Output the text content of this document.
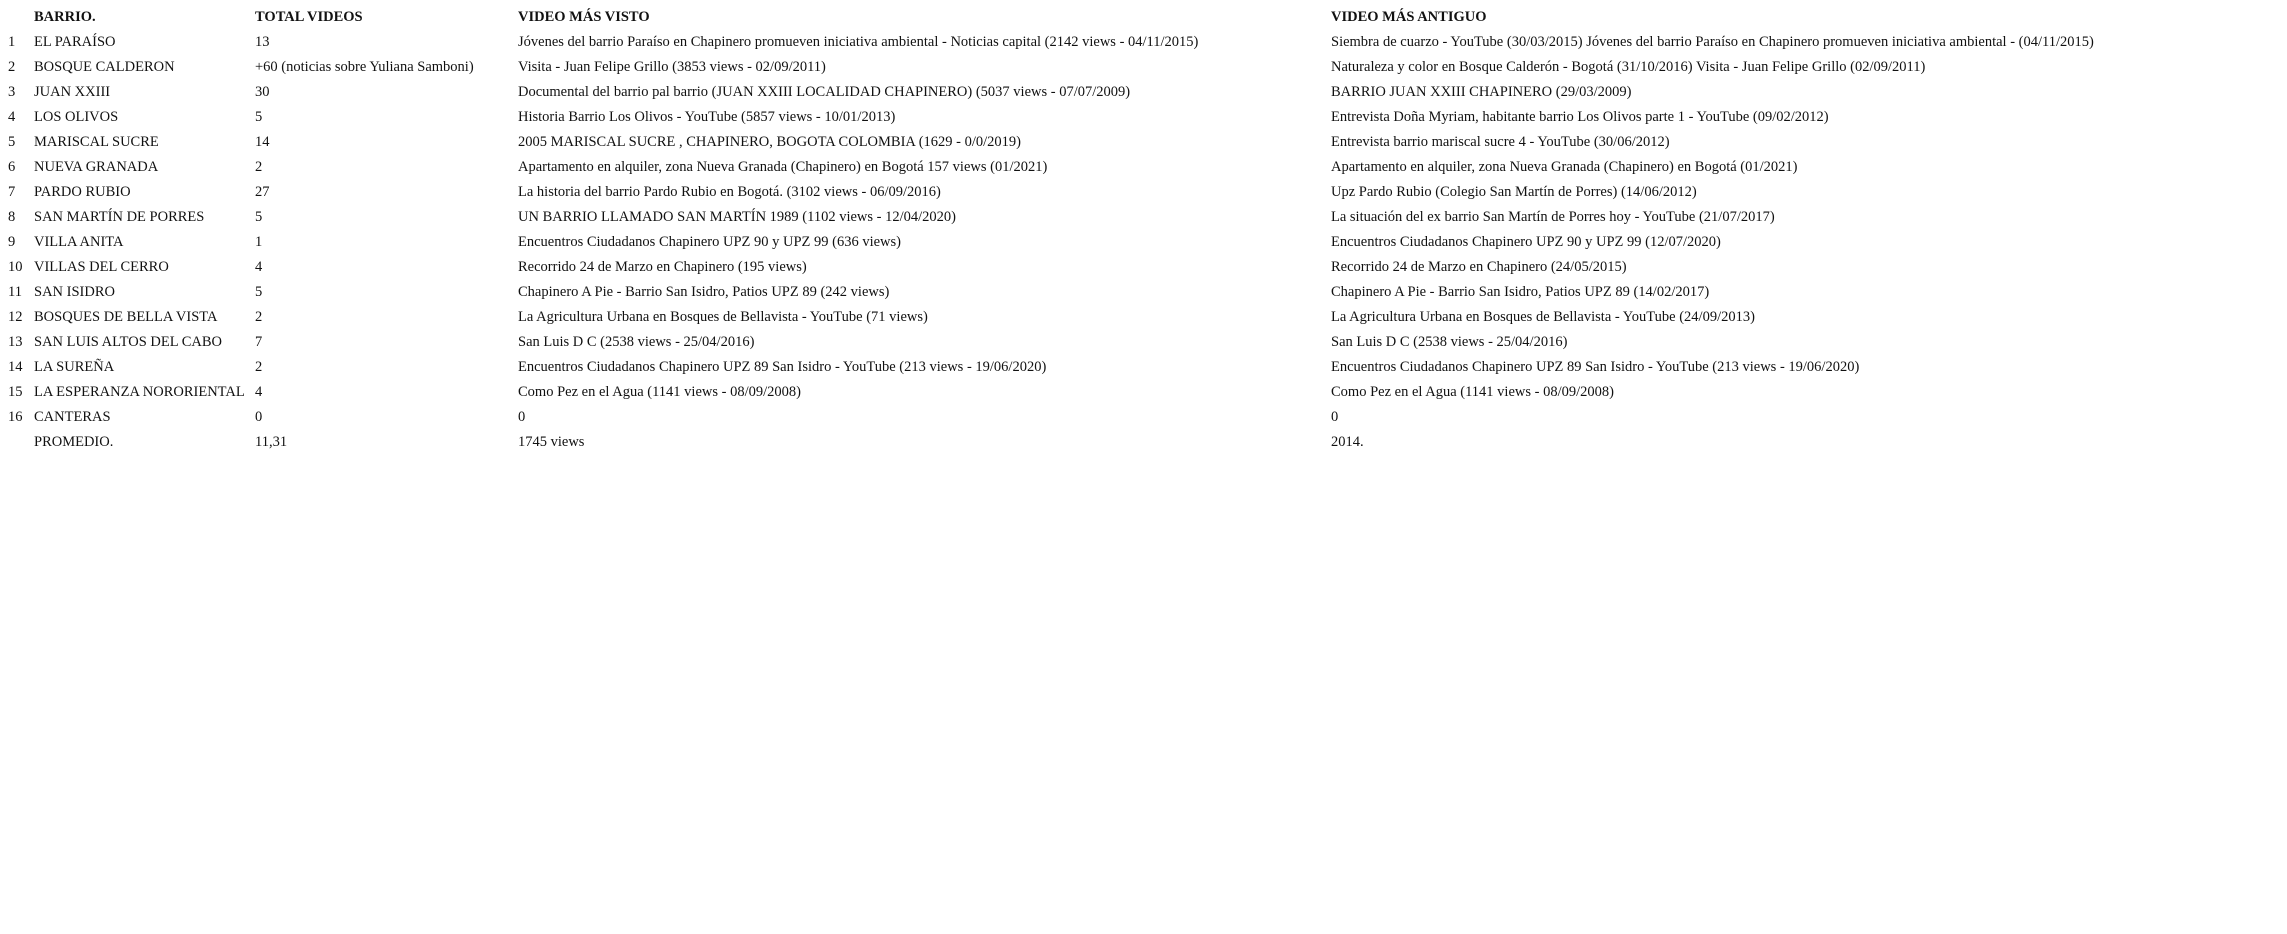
BARRIO.	TOTAL VIDEOS	VIDEO MÁS VISTO	VIDEO MÁS ANTIGUO
1 EL PARAÍSO	13	Jóvenes del barrio Paraíso en Chapinero promueven iniciativa ambiental - Noticias capital (2142 views - 04/11/2015)	Siembra de cuarzo - YouTube (30/03/2015) Jóvenes del barrio Paraíso en Chapinero promueven iniciativa ambiental - (04/11/2015)
2 BOSQUE CALDERON	+60 (noticias sobre Yuliana Samboni)	Visita - Juan Felipe Grillo (3853 views - 02/09/2011)	Naturaleza y color en Bosque Calderón - Bogotá (31/10/2016) Visita - Juan Felipe Grillo (02/09/2011)
3 JUAN XXIII	30	Documental del barrio pal barrio (JUAN XXIII LOCALIDAD CHAPINERO) (5037 views - 07/07/2009)	BARRIO JUAN XXIII CHAPINERO (29/03/2009)
4 LOS OLIVOS	5	Historia Barrio Los Olivos - YouTube (5857 views - 10/01/2013)	Entrevista Doña Myriam, habitante barrio Los Olivos parte 1 - YouTube (09/02/2012)
5 MARISCAL SUCRE	14	2005 MARISCAL SUCRE , CHAPINERO, BOGOTA COLOMBIA (1629 - 0/0/2019)	Entrevista barrio mariscal sucre 4 - YouTube (30/06/2012)
6 NUEVA GRANADA	2	Apartamento en alquiler, zona Nueva Granada (Chapinero) en Bogotá 157 views (01/2021)	Apartamento en alquiler, zona Nueva Granada (Chapinero) en Bogotá (01/2021)
7 PARDO RUBIO	27	La historia del barrio Pardo Rubio en Bogotá. (3102 views - 06/09/2016)	Upz Pardo Rubio (Colegio San Martín de Porres) (14/06/2012)
8 SAN MARTÍN DE PORRES	5	UN BARRIO LLAMADO SAN MARTÍN 1989 (1102 views - 12/04/2020)	La situación del ex barrio San Martín de Porres hoy - YouTube (21/07/2017)
9 VILLA ANITA	1	Encuentros Ciudadanos Chapinero UPZ 90 y UPZ 99 (636 views)	Encuentros Ciudadanos Chapinero UPZ 90 y UPZ 99 (12/07/2020)
10 VILLAS DEL CERRO	4	Recorrido 24 de Marzo en Chapinero (195 views)	Recorrido 24 de Marzo en Chapinero (24/05/2015)
11 SAN ISIDRO	5	Chapinero A Pie - Barrio San Isidro, Patios UPZ 89 (242 views)	Chapinero A Pie - Barrio San Isidro, Patios UPZ 89 (14/02/2017)
12 BOSQUES DE BELLA VISTA	2	La Agricultura Urbana en Bosques de Bellavista - YouTube (71 views)	La Agricultura Urbana en Bosques de Bellavista - YouTube (24/09/2013)
13 SAN LUIS ALTOS DEL CABO 7	San Luis D C (2538 views - 25/04/2016)	San Luis D C (2538 views - 25/04/2016)
14 LA SUREÑA	2	Encuentros Ciudadanos Chapinero UPZ 89 San Isidro - YouTube (213 views - 19/06/2020)	Encuentros Ciudadanos Chapinero UPZ 89 San Isidro - YouTube (213 views - 19/06/2020)
15 LA ESPERANZA NORORIENTAL 4	Como Pez en el Agua (1141 views - 08/09/2008)	Como Pez en el Agua (1141 views - 08/09/2008)
16 CANTERAS	0	0	0
PROMEDIO.	11,31	1745 views	2014.
